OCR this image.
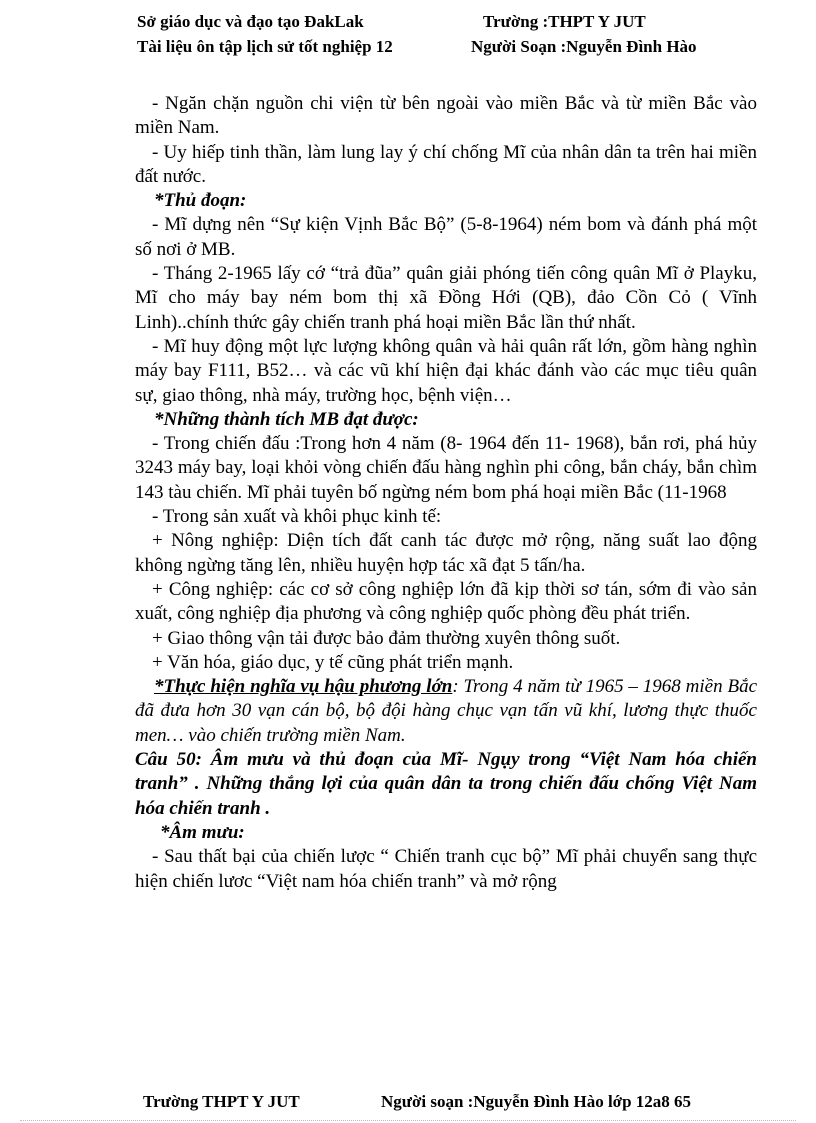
Sở giáo dục và đạo tạo ĐakLak	Trường :THPT Y JUT
Tài liệu ôn tập lịch sử tốt nghiệp 12	Người Soạn :Nguyễn Đình Hào

- Ngăn chặn nguồn chi viện từ bên ngoài vào miền Bắc và từ miền Bắc vào miền Nam.

- Uy hiếp tinh thần, làm lung lay ý chí chống Mĩ của nhân dân ta trên hai miền đất nước.

*Thủ đoạn:

- Mĩ dựng nên “Sự kiện Vịnh Bắc Bộ” (5-8-1964) ném bom và đánh phá một số nơi ở MB.

- Tháng 2-1965 lấy cớ “trả đũa” quân giải phóng tiến công quân Mĩ ở Playku, Mĩ cho máy bay ném bom thị xã Đồng Hới (QB), đảo Cồn Cỏ ( Vĩnh Linh)..chính thức gây chiến tranh phá hoại miền Bắc lần thứ nhất.

- Mĩ huy động một lực lượng không quân và hải quân rất lớn, gồm hàng nghìn máy bay F111, B52… và các vũ khí hiện đại khác đánh vào các mục tiêu quân sự, giao thông, nhà máy, trường học, bệnh viện…

*Những thành tích MB đạt được:

- Trong chiến đấu :Trong hơn 4 năm (8- 1964 đến 11- 1968), bắn rơi, phá hủy 3243 máy bay, loại khỏi vòng chiến đấu hàng nghìn phi công, bắn cháy, bắn chìm 143 tàu chiến. Mĩ phải tuyên bố ngừng ném bom phá hoại miền Bắc (11-1968

- Trong sản xuất và khôi phục kinh tế:

+ Nông nghiệp: Diện tích đất canh tác được mở rộng, năng suất lao động không ngừng tăng lên, nhiều huyện hợp tác xã đạt 5 tấn/ha.

+ Công nghiệp: các cơ sở công nghiệp lớn đã kịp thời sơ tán, sớm đi vào sản xuất, công nghiệp địa phương và công nghiệp quốc phòng đều phát triển.

+ Giao thông vận tải được bảo đảm thường xuyên thông suốt.

+ Văn hóa, giáo dục, y tế cũng phát triển mạnh.

*Thực hiện nghĩa vụ hậu phương lớn: Trong 4 năm từ 1965 – 1968 miền Bắc đã đưa hơn 30 vạn cán bộ, bộ đội hàng chục vạn tấn vũ khí, lương thực thuốc men… vào chiến trường miền Nam.

Câu 50: Âm mưu và thủ đoạn của Mĩ- Ngụy trong “Việt Nam hóa chiến tranh” . Những thắng lợi của quân dân ta trong chiến đấu chống Việt Nam hóa chiến tranh .

*Âm mưu:

- Sau thất bại của chiến lược “ Chiến tranh cục bộ” Mĩ phải chuyển sang thực hiện chiến lươc “Việt nam hóa chiến tranh” và mở rộng

Trường THPT Y JUT	Người soạn :Nguyễn Đình Hào lớp 12a8 65
